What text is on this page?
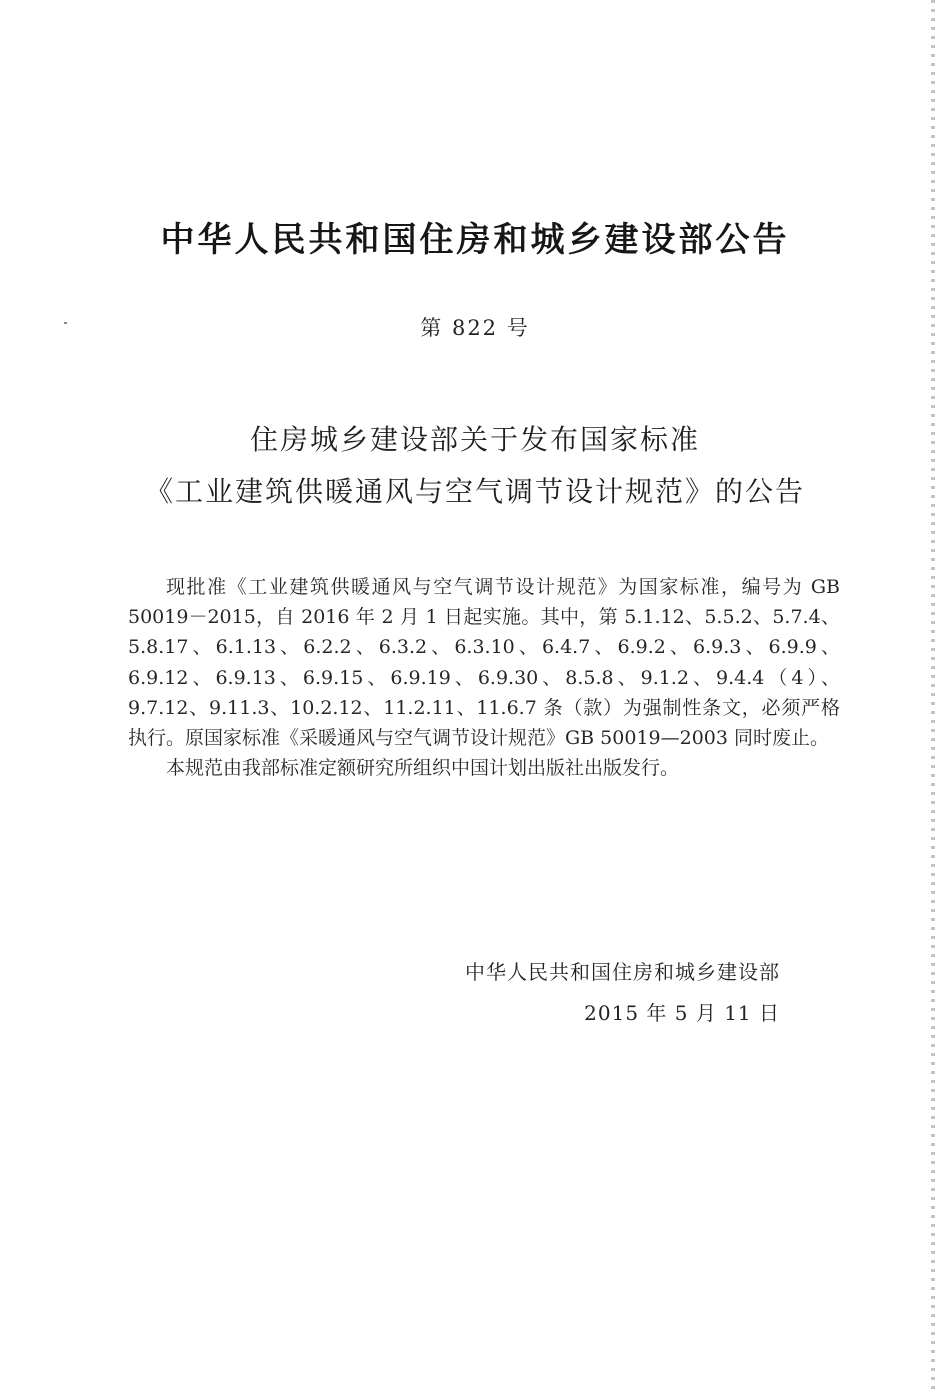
中华人民共和国住房和城乡建设部公告
第 822 号
住房城乡建设部关于发布国家标准
《工业建筑供暖通风与空气调节设计规范》的公告

现批准《工业建筑供暖通风与空气调节设计规范》为国家标准，编号为 GB 50019－2015，自 2016 年 2 月 1 日起实施。其中，第 5.1.12、5.5.2、5.7.4、5.8.17、6.1.13、6.2.2、6.3.2、6.3.10、6.4.7、6.9.2、6.9.3、6.9.9、6.9.12、6.9.13、6.9.15、6.9.19、6.9.30、8.5.8、9.1.2、9.4.4（4）、9.7.12、9.11.3、10.2.12、11.2.11、11.6.7 条（款）为强制性条文，必须严格执行。原国家标准《采暖通风与空气调节设计规范》GB 50019—2003 同时废止。

本规范由我部标准定额研究所组织中国计划出版社出版发行。

中华人民共和国住房和城乡建设部
2015 年 5 月 11 日
